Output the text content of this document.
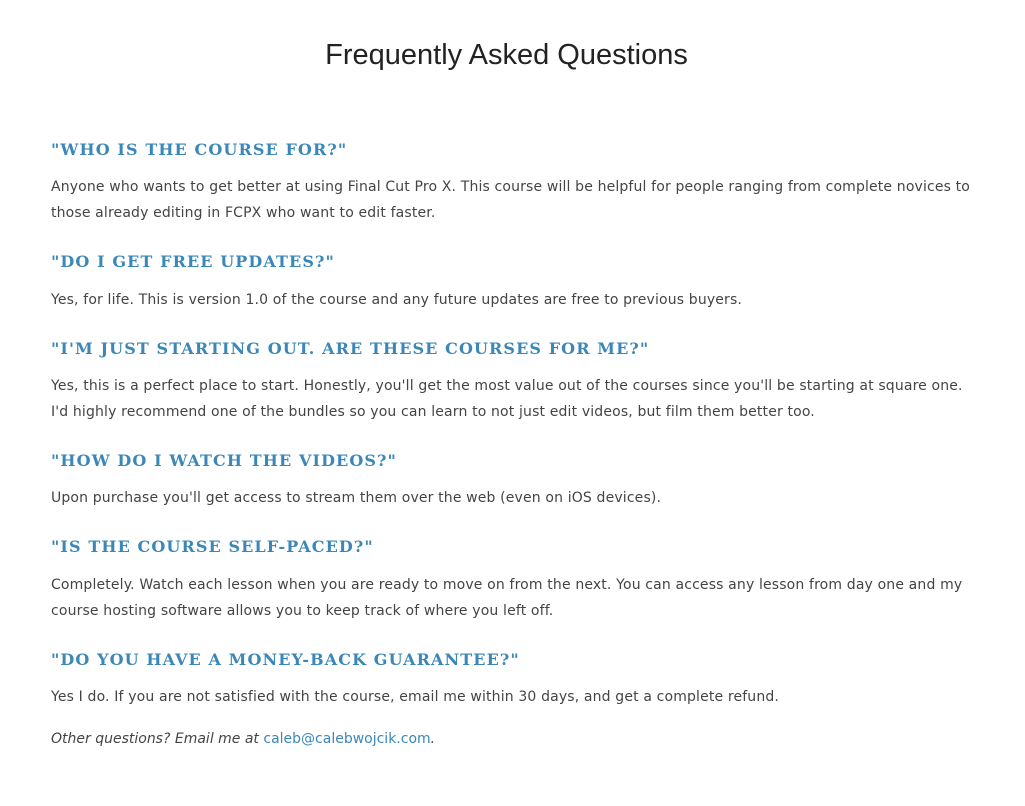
Frequently Asked Questions
"WHO IS THE COURSE FOR?"

Anyone who wants to get better at using Final Cut Pro X. This course will be helpful for people ranging from complete novices to those already editing in FCPX who want to edit faster.

"DO I GET FREE UPDATES?"

Yes, for life. This is version 1.0 of the course and any future updates are free to previous buyers.

"I'M JUST STARTING OUT. ARE THESE COURSES FOR ME?"

Yes, this is a perfect place to start. Honestly, you'll get the most value out of the courses since you'll be starting at square one. I'd highly recommend one of the bundles so you can learn to not just edit videos, but film them better too.

"HOW DO I WATCH THE VIDEOS?"

Upon purchase you'll get access to stream them over the web (even on iOS devices).

"IS THE COURSE SELF-PACED?"

Completely. Watch each lesson when you are ready to move on from the next. You can access any lesson from day one and my course hosting software allows you to keep track of where you left off.

"DO YOU HAVE A MONEY-BACK GUARANTEE?"

Yes I do. If you are not satisfied with the course, email me within 30 days, and get a complete refund.

Other questions? Email me at caleb@calebwojcik.com.
